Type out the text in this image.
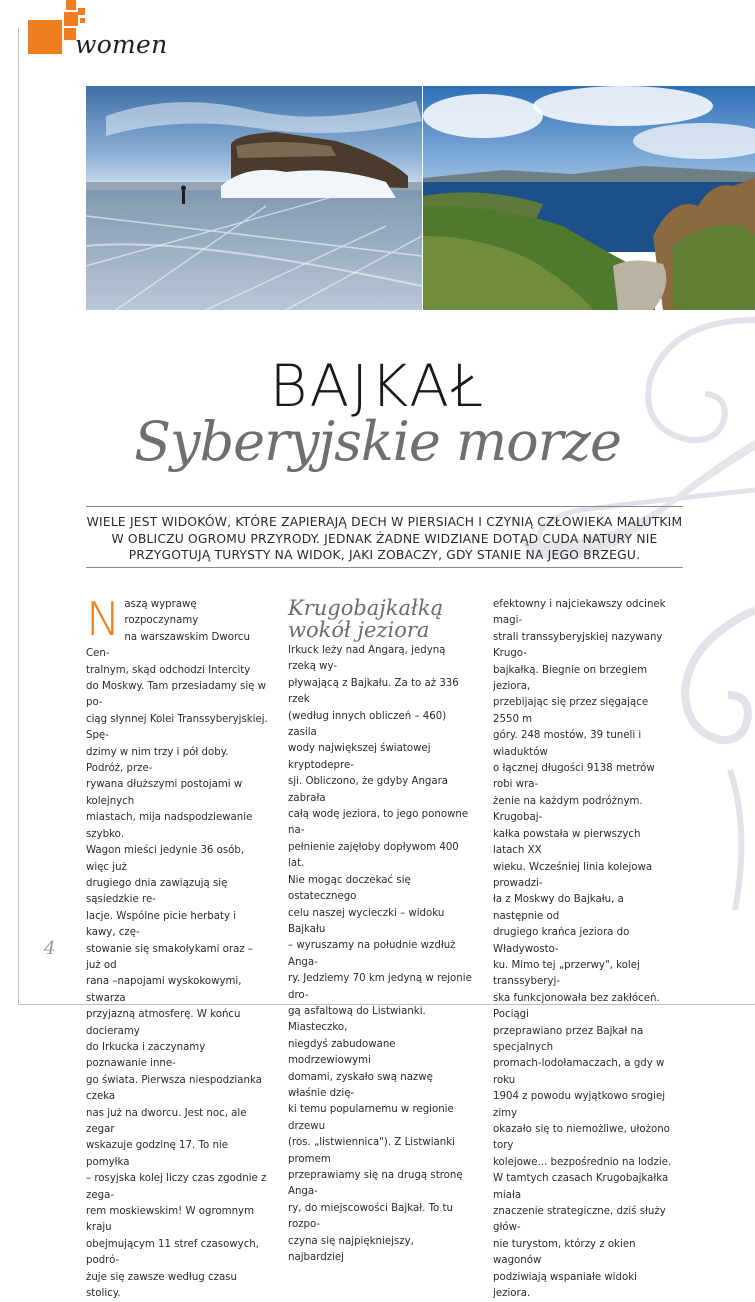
women
BAJKAŁ
Syberyjskie morze
WIELE JEST WIDOKÓW, KTÓRE ZAPIERAJĄ DECH W PIERSIACH I CZYNIĄ CZŁOWIEKA MALUTKIM W OBLICZU OGROMU PRZYRODY. JEDNAK ŻADNE WIDZIANE DOTĄD CUDA NATURY NIE PRZYGOTUJĄ TURYSTY NA WIDOK, JAKI ZOBACZY, GDY STANIE NA JEGO BRZEGU.
N aszą wyprawę rozpoczynamy
na warszawskim Dworcu Cen-
tralnym, skąd odchodzi Intercity

do Moskwy. Tam przesiadamy się w po-
ciąg słynnej Kolei Transsyberyjskiej. Spę-
dzimy w nim trzy i pół doby. Podróż, prze-
rywana dłuższymi postojami w kolejnych
miastach, mija nadspodziewanie szybko.
Wagon mieści jedynie 36 osób, więc już
drugiego dnia zawiązują się sąsiedzkie re-
lacje. Wspólne picie herbaty i kawy, czę-
stowanie się smakołykami oraz – już od
rana –napojami wyskokowymi, stwarza
przyjazną atmosferę. W końcu docieramy
do Irkucka i zaczynamy poznawanie inne-
go świata. Pierwsza niespodzianka czeka
nas już na dworcu. Jest noc, ale zegar
wskazuje godzinę 17. To nie pomyłka
– rosyjska kolej liczy czas zgodnie z zega-
rem moskiewskim! W ogromnym kraju
obejmującym 11 stref czasowych, podró-
żuje się zawsze według czasu stolicy.

Krugobajkałką
wokół jeziora

Irkuck leży nad Angarą, jedyną rzeką wy-
pływającą z Bajkału. Za to aż 336 rzek
(według innych obliczeń – 460) zasila
wody największej światowej kryptodepre-
sji. Obliczono, że gdyby Angara zabrała
całą wodę jeziora, to jego ponowne na-
pełnienie zajęłoby dopływom 400 lat.
Nie mogąc doczekać się ostatecznego
celu naszej wycieczki – widoku Bajkału
– wyruszamy na południe wzdłuż Anga-
ry. Jedziemy 70 km jedyną w rejonie dro-
gą asfaltową do Listwianki. Miasteczko,
niegdyś zabudowane modrzewiowymi
domami, zyskało swą nazwę właśnie dzię-
ki temu popularnemu w regionie drzewu
(ros. „listwiennica"). Z Listwianki promem
przeprawiamy się na drugą stronę Anga-
ry, do miejscowości Bajkał. To tu rozpo-
czyna się najpiękniejszy, najbardziej

efektowny i najciekawszy odcinek magi-
strali transsyberyjskiej nazywany Krugo-
bajkałką. Biegnie on brzegiem jeziora,
przebijając się przez sięgające 2550 m
góry. 248 mostów, 39 tuneli i wiaduktów
o łącznej długości 9138 metrów robi wra-
żenie na każdym podróżnym. Krugobaj-
kałka powstała w pierwszych latach XX
wieku. Wcześniej linia kolejowa prowadzi-
ła z Moskwy do Bajkału, a następnie od
drugiego krańca jeziora do Władywosto-
ku. Mimo tej „przerwy", kolej transsyberyj-
ska funkcjonowała bez zakłóceń. Pociągi
przeprawiano przez Bajkał na specjalnych
promach-lodołamaczach, a gdy w roku
1904 z powodu wyjątkowo srogiej zimy
okazało się to niemożliwe, ułożono tory
kolejowe... bezpośrednio na lodzie.
W tamtych czasach Krugobajkałka miała
znaczenie strategiczne, dziś służy głów-
nie turystom, którzy z okien wagonów
podziwiają wspaniałe widoki jeziora.

4
